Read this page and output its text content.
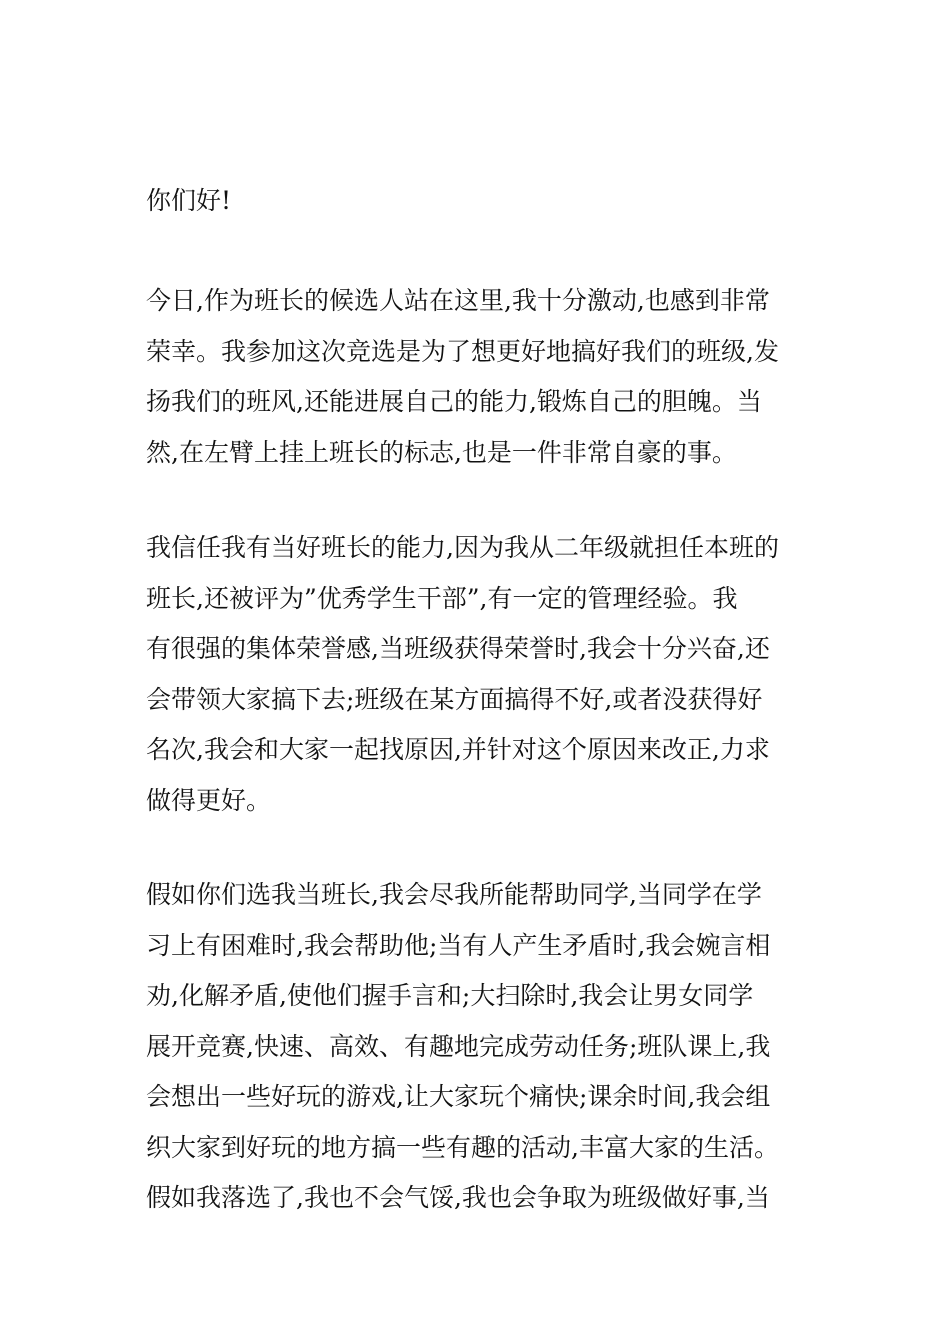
你们好!

今日,作为班长的候选人站在这里,我十分激动,也感到非常
荣幸。我参加这次竞选是为了想更好地搞好我们的班级,发
扬我们的班风,还能进展自己的能力,锻炼自己的胆魄。当
然,在左臂上挂上班长的标志,也是一件非常自豪的事。

我信任我有当好班长的能力,因为我从二年级就担任本班的
班长,还被评为”优秀学生干部”,有一定的管理经验。我
有很强的集体荣誉感,当班级获得荣誉时,我会十分兴奋,还
会带领大家搞下去;班级在某方面搞得不好,或者没获得好
名次,我会和大家一起找原因,并针对这个原因来改正,力求
做得更好。

假如你们选我当班长,我会尽我所能帮助同学,当同学在学
习上有困难时,我会帮助他;当有人产生矛盾时,我会婉言相
劝,化解矛盾,使他们握手言和;大扫除时,我会让男女同学
展开竞赛,快速、高效、有趣地完成劳动任务;班队课上,我
会想出一些好玩的游戏,让大家玩个痛快;课余时间,我会组
织大家到好玩的地方搞一些有趣的活动,丰富大家的生活。
假如我落选了,我也不会气馁,我也会争取为班级做好事,当
